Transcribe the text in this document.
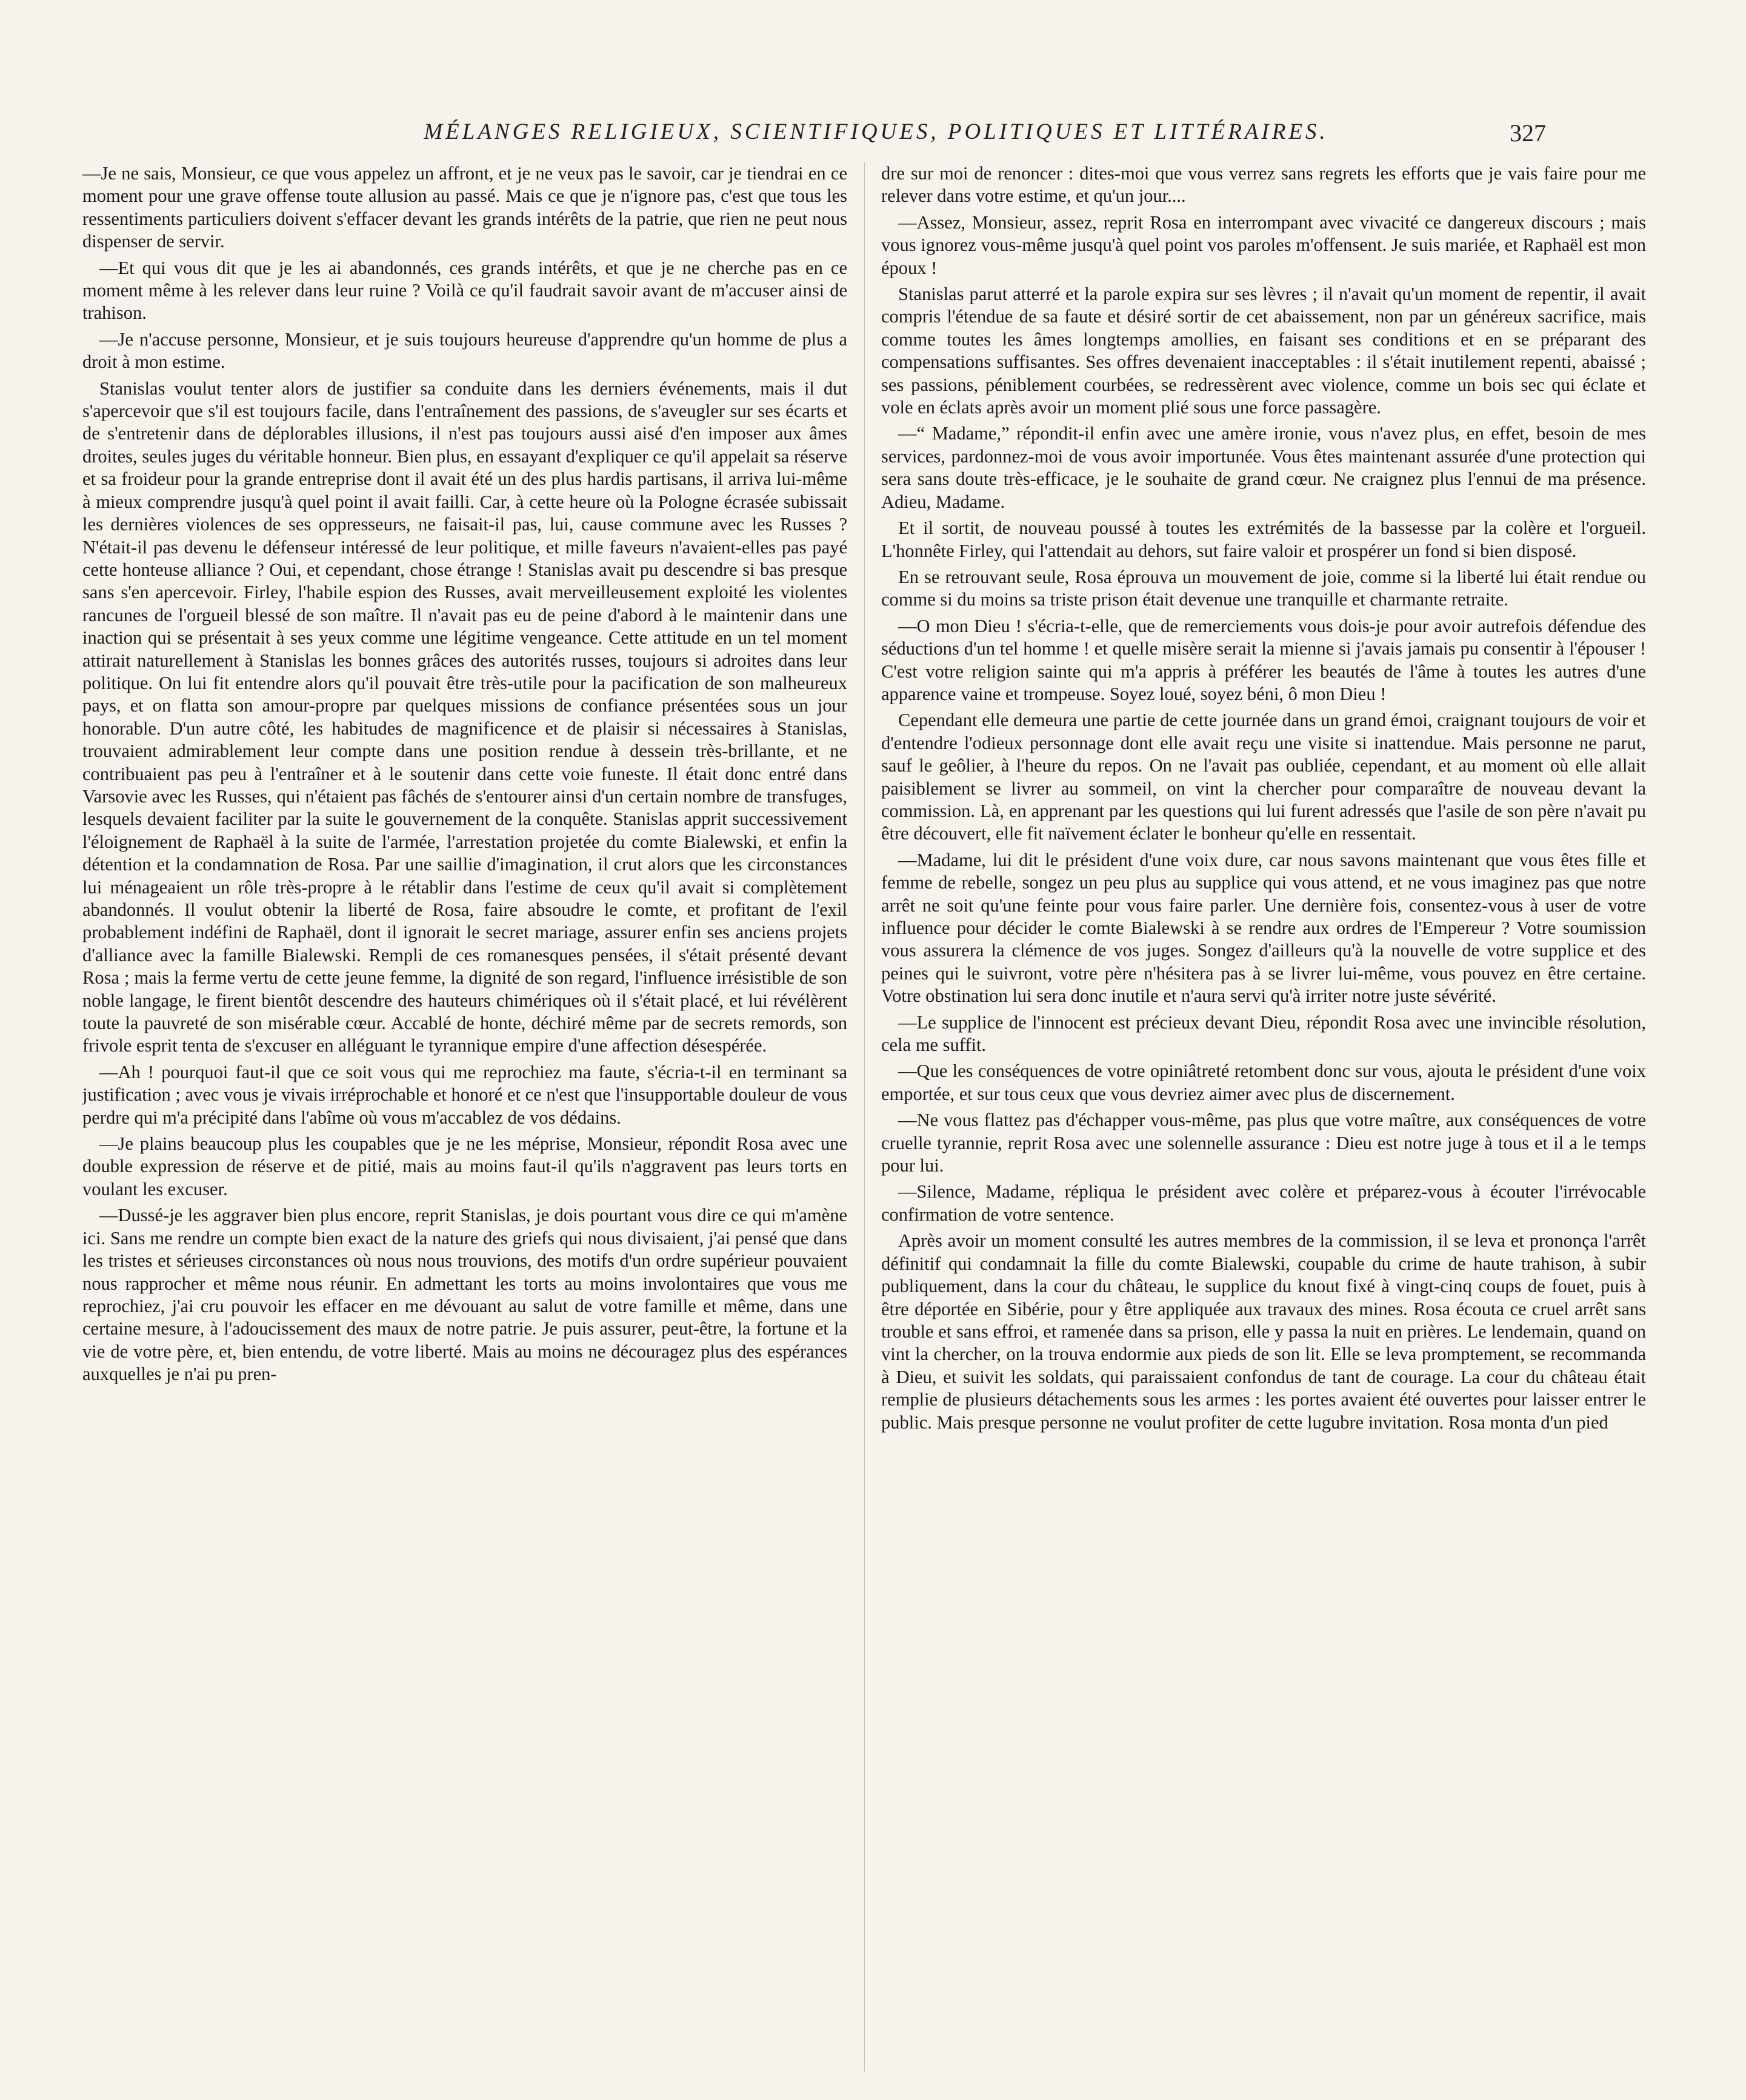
MÉLANGES RELIGIEUX, SCIENTIFIQUES, POLITIQUES ET LITTÉRAIRES.	327

—Je ne sais, Monsieur, ce que vous appelez un affront, et je ne veux pas le savoir, car je tiendrai en ce moment pour une grave offense toute allusion au passé. Mais ce que je n'ignore pas, c'est que tous les ressentiments particuliers doivent s'effacer devant les grands intérêts de la patrie, que rien ne peut nous dispenser de servir.

—Et qui vous dit que je les ai abandonnés, ces grands intérêts, et que je ne cherche pas en ce moment même à les relever dans leur ruine ? Voilà ce qu'il faudrait savoir avant de m'accuser ainsi de trahison.

—Je n'accuse personne, Monsieur, et je suis toujours heureuse d'apprendre qu'un homme de plus a droit à mon estime.

Stanislas voulut tenter alors de justifier sa conduite dans les derniers événements, mais il dut s'apercevoir que s'il est toujours facile, dans l'entraînement des passions, de s'aveugler sur ses écarts et de s'entretenir dans de déplorables illusions, il n'est pas toujours aussi aisé d'en imposer aux âmes droites, seules juges du véritable honneur. Bien plus, en essayant d'expliquer ce qu'il appelait sa réserve et sa froideur pour la grande entreprise dont il avait été un des plus hardis partisans, il arriva lui-même à mieux comprendre jusqu'à quel point il avait failli. Car, à cette heure où la Pologne écrasée subissait les dernières violences de ses oppresseurs, ne faisait-il pas, lui, cause commune avec les Russes ? N'était-il pas devenu le défenseur intéressé de leur politique, et mille faveurs n'avaient-elles pas payé cette honteuse alliance ? Oui, et cependant, chose étrange ! Stanislas avait pu descendre si bas presque sans s'en apercevoir. Firley, l'habile espion des Russes, avait merveilleusement exploité les violentes rancunes de l'orgueil blessé de son maître. Il n'avait pas eu de peine d'abord à le maintenir dans une inaction qui se présentait à ses yeux comme une légitime vengeance. Cette attitude en un tel moment attirait naturellement à Stanislas les bonnes grâces des autorités russes, toujours si adroites dans leur politique. On lui fit entendre alors qu'il pouvait être très-utile pour la pacification de son malheureux pays, et on flatta son amour-propre par quelques missions de confiance présentées sous un jour honorable. D'un autre côté, les habitudes de magnificence et de plaisir si nécessaires à Stanislas, trouvaient admirablement leur compte dans une position rendue à dessein très-brillante, et ne contribuaient pas peu à l'entraîner et à le soutenir dans cette voie funeste. Il était donc entré dans Varsovie avec les Russes, qui n'étaient pas fâchés de s'entourer ainsi d'un certain nombre de transfuges, lesquels devaient faciliter par la suite le gouvernement de la conquête. Stanislas apprit successivement l'éloignement de Raphaël à la suite de l'armée, l'arrestation projetée du comte Bialewski, et enfin la détention et la condamnation de Rosa. Par une saillie d'imagination, il crut alors que les circonstances lui ménageaient un rôle très-propre à le rétablir dans l'estime de ceux qu'il avait si complètement abandonnés. Il voulut obtenir la liberté de Rosa, faire absoudre le comte, et profitant de l'exil probablement indéfini de Raphaël, dont il ignorait le secret mariage, assurer enfin ses anciens projets d'alliance avec la famille Bialewski. Rempli de ces romanesques pensées, il s'était présenté devant Rosa ; mais la ferme vertu de cette jeune femme, la dignité de son regard, l'influence irrésistible de son noble langage, le firent bientôt descendre des hauteurs chimériques où il s'était placé, et lui révélèrent toute la pauvreté de son misérable cœur. Accablé de honte, déchiré même par de secrets remords, son frivole esprit tenta de s'excuser en alléguant le tyrannique empire d'une affection désespérée.

—Ah ! pourquoi faut-il que ce soit vous qui me reprochiez ma faute, s'écria-t-il en terminant sa justification ; avec vous je vivais irréprochable et honoré et ce n'est que l'insupportable douleur de vous perdre qui m'a précipité dans l'abîme où vous m'accablez de vos dédains.

—Je plains beaucoup plus les coupables que je ne les méprise, Monsieur, répondit Rosa avec une double expression de réserve et de pitié, mais au moins faut-il qu'ils n'aggravent pas leurs torts en voulant les excuser.

—Dussé-je les aggraver bien plus encore, reprit Stanislas, je dois pourtant vous dire ce qui m'amène ici. Sans me rendre un compte bien exact de la nature des griefs qui nous divisaient, j'ai pensé que dans les tristes et sérieuses circonstances où nous nous trouvions, des motifs d'un ordre supérieur pouvaient nous rapprocher et même nous réunir. En admettant les torts au moins involontaires que vous me reprochiez, j'ai cru pouvoir les effacer en me dévouant au salut de votre famille et même, dans une certaine mesure, à l'adoucissement des maux de notre patrie. Je puis assurer, peut-être, la fortune et la vie de votre père, et, bien entendu, de votre liberté. Mais au moins ne découragez plus des espérances auxquelles je n'ai pu pren-

dre sur moi de renoncer : dites-moi que vous verrez sans regrets les efforts que je vais faire pour me relever dans votre estime, et qu'un jour....

—Assez, Monsieur, assez, reprit Rosa en interrompant avec vivacité ce dangereux discours ; mais vous ignorez vous-même jusqu'à quel point vos paroles m'offensent. Je suis mariée, et Raphaël est mon époux !

Stanislas parut atterré et la parole expira sur ses lèvres ; il n'avait qu'un moment de repentir, il avait compris l'étendue de sa faute et désiré sortir de cet abaissement, non par un généreux sacrifice, mais comme toutes les âmes longtemps amollies, en faisant ses conditions et en se préparant des compensations suffisantes. Ses offres devenaient inacceptables : il s'était inutilement repenti, abaissé ; ses passions, péniblement courbées, se redressèrent avec violence, comme un bois sec qui éclate et vole en éclats après avoir un moment plié sous une force passagère.

—“ Madame,” répondit-il enfin avec une amère ironie, vous n'avez plus, en effet, besoin de mes services, pardonnez-moi de vous avoir importunée. Vous êtes maintenant assurée d'une protection qui sera sans doute très-efficace, je le souhaite de grand cœur. Ne craignez plus l'ennui de ma présence. Adieu, Madame.

Et il sortit, de nouveau poussé à toutes les extrémités de la bassesse par la colère et l'orgueil. L'honnête Firley, qui l'attendait au dehors, sut faire valoir et prospérer un fond si bien disposé.

En se retrouvant seule, Rosa éprouva un mouvement de joie, comme si la liberté lui était rendue ou comme si du moins sa triste prison était devenue une tranquille et charmante retraite.

—O mon Dieu ! s'écria-t-elle, que de remerciements vous dois-je pour avoir autrefois défendue des séductions d'un tel homme ! et quelle misère serait la mienne si j'avais jamais pu consentir à l'épouser ! C'est votre religion sainte qui m'a appris à préférer les beautés de l'âme à toutes les autres d'une apparence vaine et trompeuse. Soyez loué, soyez béni, ô mon Dieu !

Cependant elle demeura une partie de cette journée dans un grand émoi, craignant toujours de voir et d'entendre l'odieux personnage dont elle avait reçu une visite si inattendue. Mais personne ne parut, sauf le geôlier, à l'heure du repos. On ne l'avait pas oubliée, cependant, et au moment où elle allait paisiblement se livrer au sommeil, on vint la chercher pour comparaître de nouveau devant la commission. Là, en apprenant par les questions qui lui furent adressés que l'asile de son père n'avait pu être découvert, elle fit naïvement éclater le bonheur qu'elle en ressentait.

—Madame, lui dit le président d'une voix dure, car nous savons maintenant que vous êtes fille et femme de rebelle, songez un peu plus au supplice qui vous attend, et ne vous imaginez pas que notre arrêt ne soit qu'une feinte pour vous faire parler. Une dernière fois, consentez-vous à user de votre influence pour décider le comte Bialewski à se rendre aux ordres de l'Empereur ? Votre soumission vous assurera la clémence de vos juges. Songez d'ailleurs qu'à la nouvelle de votre supplice et des peines qui le suivront, votre père n'hésitera pas à se livrer lui-même, vous pouvez en être certaine. Votre obstination lui sera donc inutile et n'aura servi qu'à irriter notre juste sévérité.

—Le supplice de l'innocent est précieux devant Dieu, répondit Rosa avec une invincible résolution, cela me suffit.

—Que les conséquences de votre opiniâtreté retombent donc sur vous, ajouta le président d'une voix emportée, et sur tous ceux que vous devriez aimer avec plus de discernement.

—Ne vous flattez pas d'échapper vous-même, pas plus que votre maître, aux conséquences de votre cruelle tyrannie, reprit Rosa avec une solennelle assurance : Dieu est notre juge à tous et il a le temps pour lui.

—Silence, Madame, répliqua le président avec colère et préparez-vous à écouter l'irrévocable confirmation de votre sentence.

Après avoir un moment consulté les autres membres de la commission, il se leva et prononça l'arrêt définitif qui condamnait la fille du comte Bialewski, coupable du crime de haute trahison, à subir publiquement, dans la cour du château, le supplice du knout fixé à vingt-cinq coups de fouet, puis à être déportée en Sibérie, pour y être appliquée aux travaux des mines. Rosa écouta ce cruel arrêt sans trouble et sans effroi, et ramenée dans sa prison, elle y passa la nuit en prières. Le lendemain, quand on vint la chercher, on la trouva endormie aux pieds de son lit. Elle se leva promptement, se recommanda à Dieu, et suivit les soldats, qui paraissaient confondus de tant de courage. La cour du château était remplie de plusieurs détachements sous les armes : les portes avaient été ouvertes pour laisser entrer le public. Mais presque personne ne voulut profiter de cette lugubre invitation. Rosa monta d'un pied
